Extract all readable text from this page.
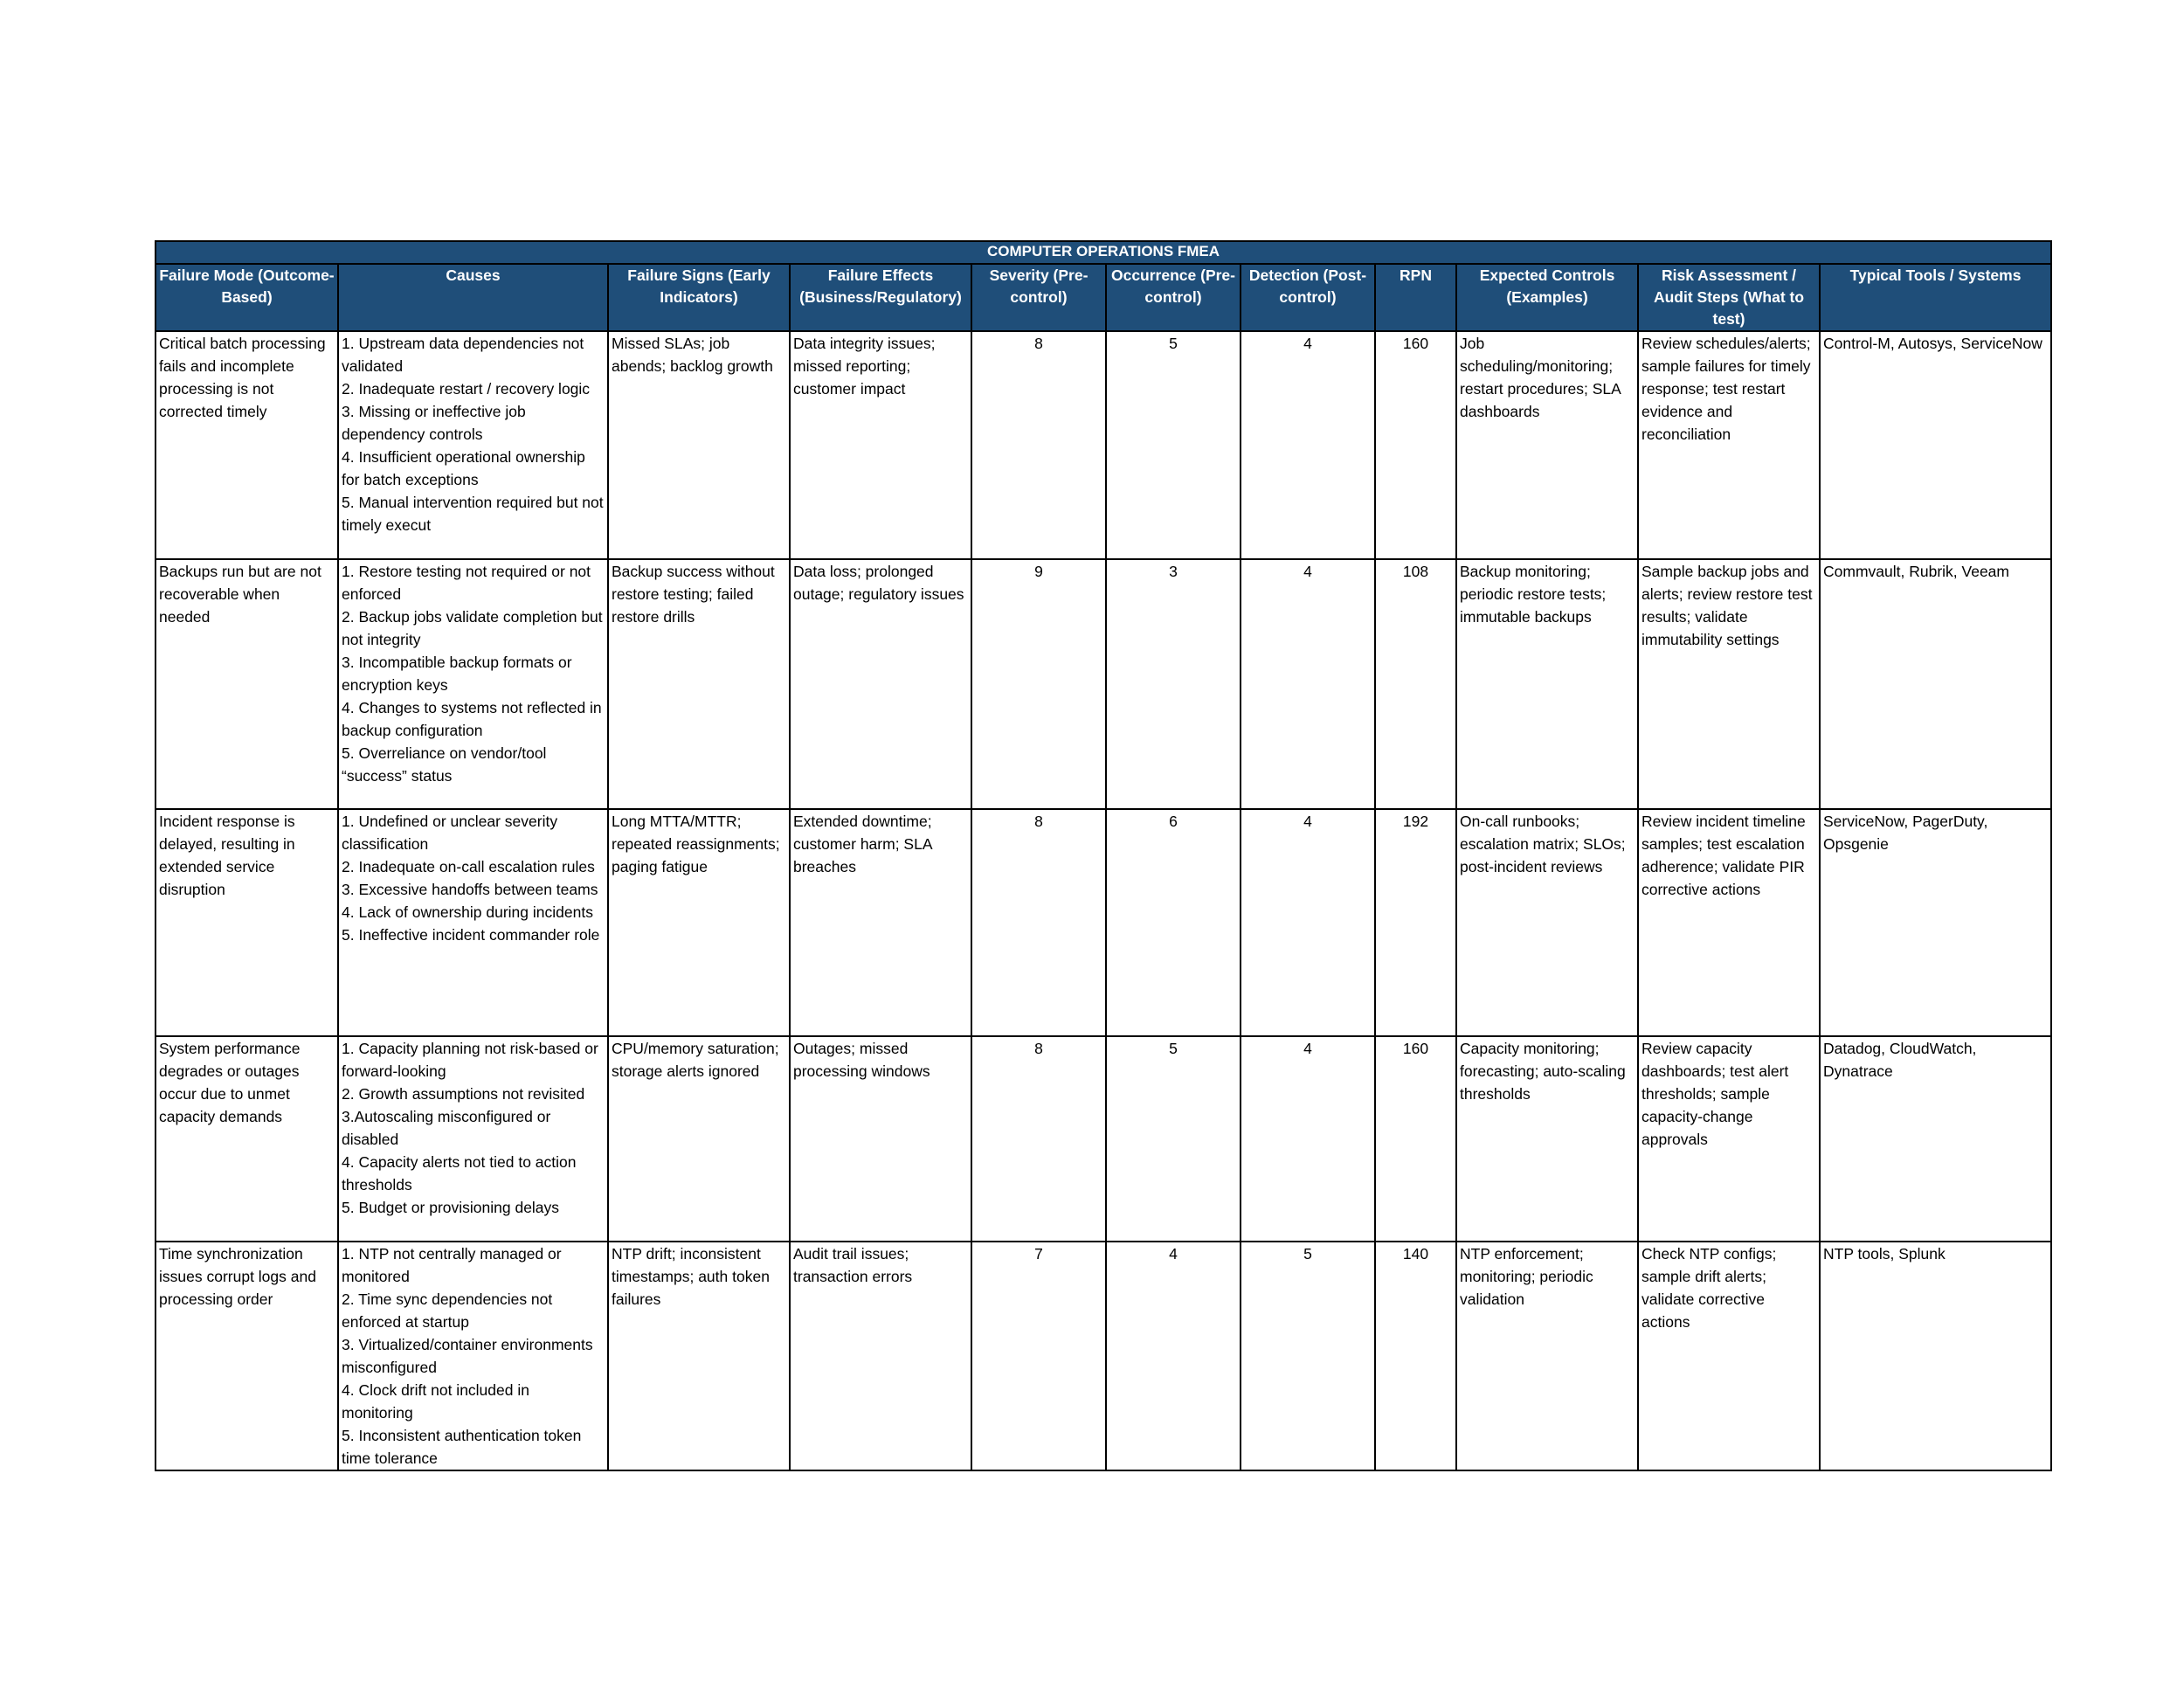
COMPUTER OPERATIONS FMEA										
Failure Mode (Outcome-Based)	Causes	Failure Signs (Early Indicators)	Failure Effects (Business/Regulatory)	Severity (Pre-control)	Occurrence (Pre-control)	Detection (Post-control)	RPN	Expected Controls (Examples)	Risk Assessment / Audit Steps (What to test)	Typical Tools / Systems
Critical batch processing fails and incomplete processing is not corrected timely	1. Upstream data dependencies not validated
2. Inadequate restart / recovery logic
3. Missing or ineffective job dependency controls
4. Insufficient operational ownership for batch exceptions
5. Manual intervention required but not timely execut	Missed SLAs; job abends; backlog growth	Data integrity issues; missed reporting; customer impact	8	5	4	160	Job scheduling/monitoring; restart procedures; SLA dashboards	Review schedules/alerts; sample failures for timely response; test restart evidence and reconciliation	Control-M, Autosys, ServiceNow
Backups run but are not recoverable when needed	1. Restore testing not required or not enforced
2. Backup jobs validate completion but not integrity
3. Incompatible backup formats or encryption keys
4. Changes to systems not reflected in backup configuration
5. Overreliance on vendor/tool “success” status	Backup success without restore testing; failed restore drills	Data loss; prolonged outage; regulatory issues	9	3	4	108	Backup monitoring; periodic restore tests; immutable backups	Sample backup jobs and alerts; review restore test results; validate immutability settings	Commvault, Rubrik, Veeam
Incident response is delayed, resulting in extended service disruption	1. Undefined or unclear severity classification
2. Inadequate on-call escalation rules
3. Excessive handoffs between teams
4. Lack of ownership during incidents
5. Ineffective incident commander role	Long MTTA/MTTR; repeated reassignments; paging fatigue	Extended downtime; customer harm; SLA breaches	8	6	4	192	On-call runbooks; escalation matrix; SLOs; post-incident reviews	Review incident timeline samples; test escalation adherence; validate PIR corrective actions	ServiceNow, PagerDuty, Opsgenie
System performance degrades or outages occur due to unmet capacity demands	1. Capacity planning not risk-based or forward-looking
2. Growth assumptions not revisited
3.Autoscaling misconfigured or disabled
4. Capacity alerts not tied to action thresholds
5. Budget or provisioning delays	CPU/memory saturation; storage alerts ignored	Outages; missed processing windows	8	5	4	160	Capacity monitoring; forecasting; auto-scaling thresholds	Review capacity dashboards; test alert thresholds; sample capacity-change approvals	Datadog, CloudWatch, Dynatrace
Time synchronization issues corrupt logs and processing order	1. NTP not centrally managed or monitored
2. Time sync dependencies not enforced at startup
3. Virtualized/container environments misconfigured
4. Clock drift not included in monitoring
5. Inconsistent authentication token time tolerance	NTP drift; inconsistent timestamps; auth token failures	Audit trail issues; transaction errors	7	4	5	140	NTP enforcement; monitoring; periodic validation	Check NTP configs; sample drift alerts; validate corrective actions	NTP tools, Splunk
